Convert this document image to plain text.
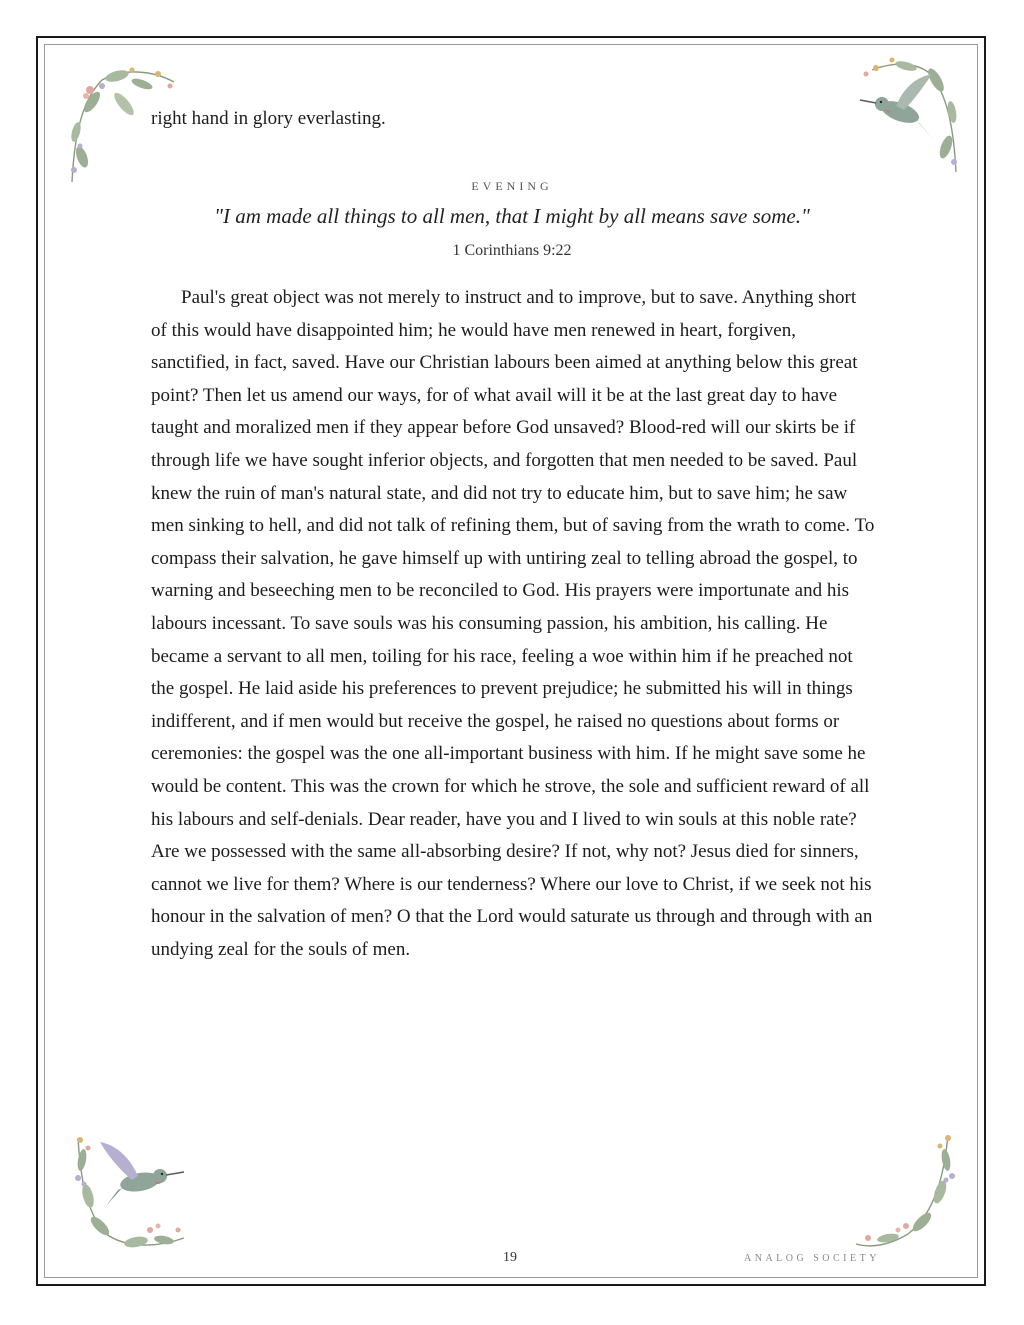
right hand in glory everlasting.
EVENING
"I am made all things to all men, that I might by all means save some."
1 Corinthians 9:22

Paul's great object was not merely to instruct and to improve, but to save. Anything short of this would have disappointed him; he would have men renewed in heart, forgiven, sanctified, in fact, saved. Have our Christian labours been aimed at anything below this great point? Then let us amend our ways, for of what avail will it be at the last great day to have taught and moralized men if they appear before God unsaved? Blood-red will our skirts be if through life we have sought inferior objects, and forgotten that men needed to be saved. Paul knew the ruin of man's natural state, and did not try to educate him, but to save him; he saw men sinking to hell, and did not talk of refining them, but of saving from the wrath to come. To compass their salvation, he gave himself up with untiring zeal to telling abroad the gospel, to warning and beseeching men to be reconciled to God. His prayers were importunate and his labours incessant. To save souls was his consuming passion, his ambition, his calling. He became a servant to all men, toiling for his race, feeling a woe within him if he preached not the gospel. He laid aside his preferences to prevent prejudice; he submitted his will in things indifferent, and if men would but receive the gospel, he raised no questions about forms or ceremonies: the gospel was the one all-important business with him. If he might save some he would be content. This was the crown for which he strove, the sole and sufficient reward of all his labours and self-denials. Dear reader, have you and I lived to win souls at this noble rate? Are we possessed with the same all-absorbing desire? If not, why not? Jesus died for sinners, cannot we live for them? Where is our tenderness? Where our love to Christ, if we seek not his honour in the salvation of men? O that the Lord would saturate us through and through with an undying zeal for the souls of men.

19	ANALOG SOCIETY
